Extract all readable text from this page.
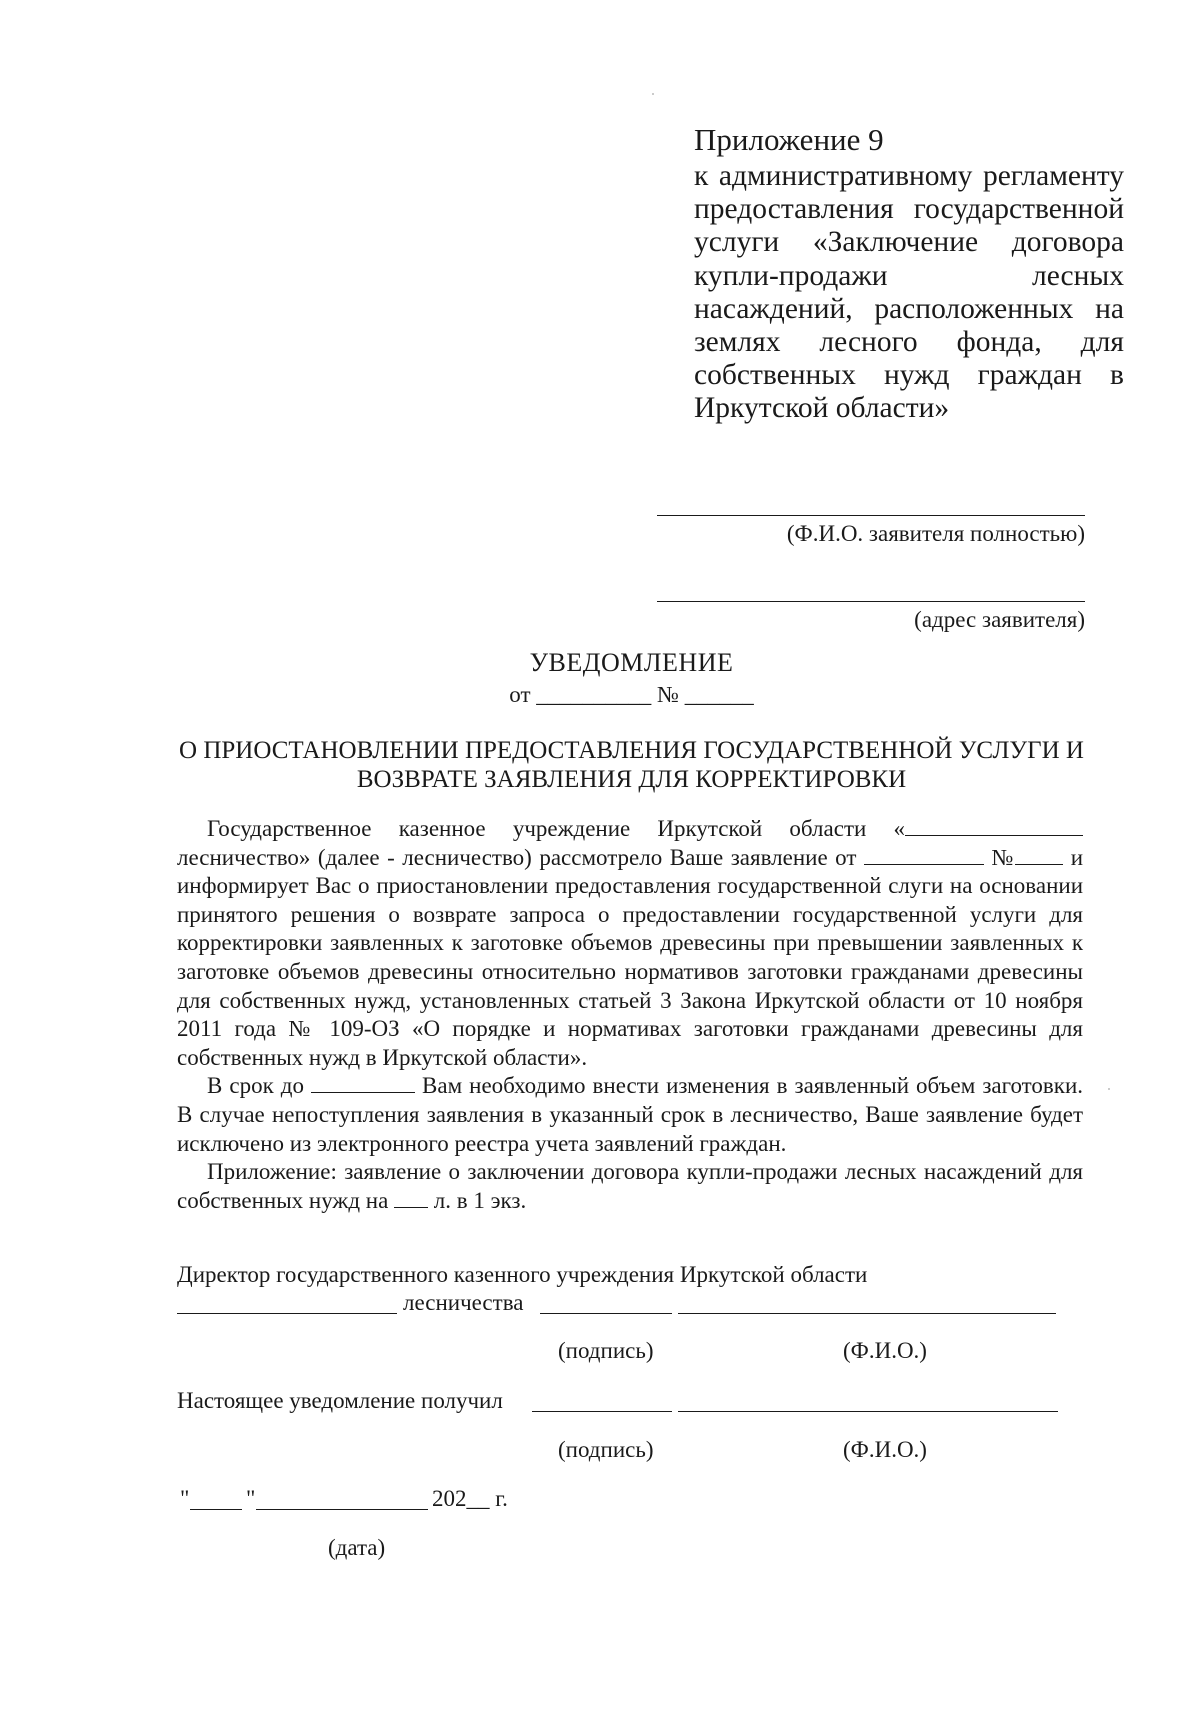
Приложение 9
к административному регламенту
предоставления государственной
услуги «Заключение договора
купли-продажи	лесных
насаждений, расположенных на
землях лесного фонда, для
собственных нужд граждан в
Иркутской области»
(Ф.И.О. заявителя полностью)
(адрес заявителя)
УВЕДОМЛЕНИЕ
от __________ № ______
О ПРИОСТАНОВЛЕНИИ ПРЕДОСТАВЛЕНИЯ ГОСУДАРСТВЕННОЙ УСЛУГИ И
ВОЗВРАТЕ ЗАЯВЛЕНИЯ ДЛЯ КОРРЕКТИРОВКИ

Государственное казенное учреждение Иркутской области « лесничество» (далее - лесничество) рассмотрело Ваше заявление от	№ и информирует Вас о приостановлении предоставления государственной слуги на основании принятого решения о возврате запроса о предоставлении государственной услуги для корректировки заявленных к заготовке объемов древесины при превышении заявленных к заготовке объемов древесины относительно нормативов заготовки гражданами древесины для собственных нужд, установленных статьей 3 Закона Иркутской области от 10 ноября 2011 года № 109-ОЗ «О порядке и нормативах заготовки гражданами древесины для собственных нужд в Иркутской области».

В срок до	Вам необходимо внести изменения в заявленный объем заготовки. В случае непоступления заявления в указанный срок в лесничество, Ваше заявление будет исключено из электронного реестра учета заявлений граждан.

Приложение: заявление о заключении договора купли-продажи лесных насаждений для собственных нужд на л. в 1 экз.

Директор государственного казенного учреждения Иркутской области
лесничества
(подпись)	(Ф.И.О.)
Настоящее уведомление получил
(подпись)	(Ф.И.О.)
" "	202__ г.
(дата)
